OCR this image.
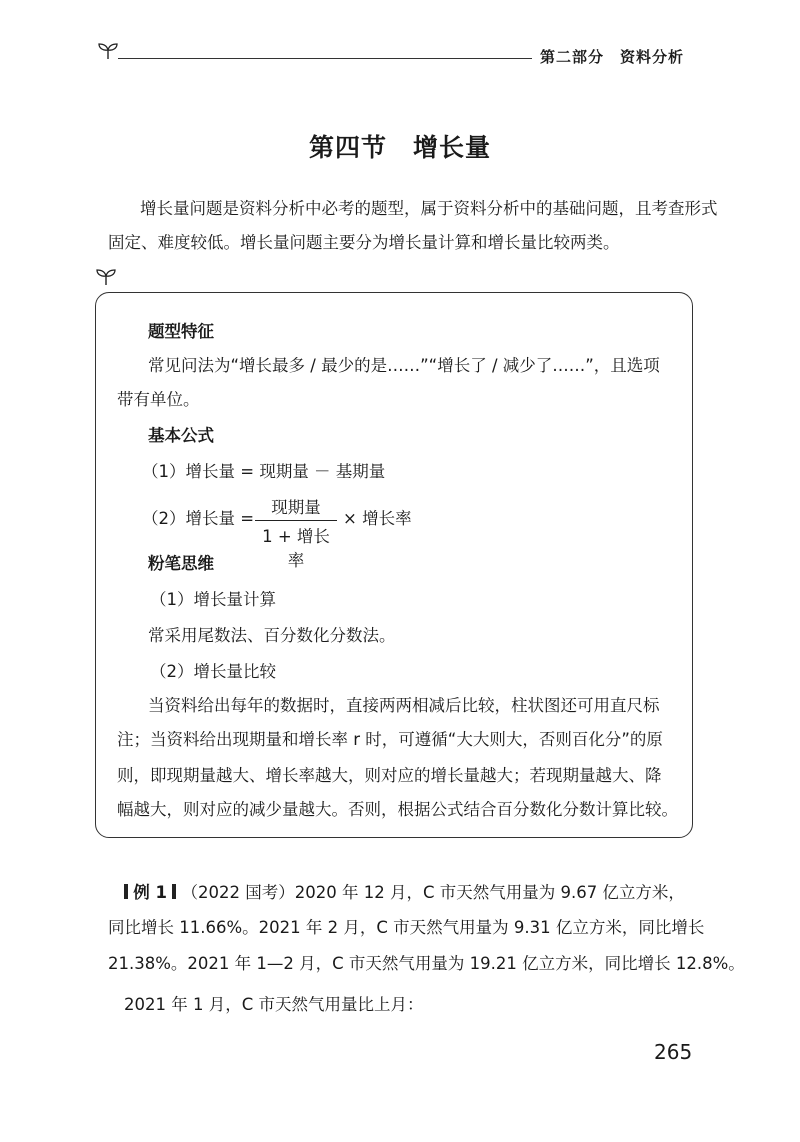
第二部分　资料分析
第四节　增长量
增长量问题是资料分析中必考的题型，属于资料分析中的基础问题，且考查形式
固定、难度较低。增长量问题主要分为增长量计算和增长量比较两类。
题型特征
常见问法为“增长最多 / 最少的是……”“增长了 / 减少了……”，且选项
带有单位。
基本公式
（1）增长量 = 现期量 － 基期量
（2）增长量 =
现期量
1 + 增长率
× 增长率
粉笔思维
（1）增长量计算
常采用尾数法、百分数化分数法。
（2）增长量比较
当资料给出每年的数据时，直接两两相减后比较，柱状图还可用直尺标
注；当资料给出现期量和增长率 r 时，可遵循“大大则大，否则百化分”的原
则，即现期量越大、增长率越大，则对应的增长量越大；若现期量越大、降
幅越大，则对应的减少量越大。否则，根据公式结合百分数化分数计算比较。
例 1 （2022 国考）2020 年 12 月，C 市天然气用量为 9.67 亿立方米，
同比增长 11.66%。2021 年 2 月，C 市天然气用量为 9.31 亿立方米，同比增长
21.38%。2021 年 1—2 月，C 市天然气用量为 19.21 亿立方米，同比增长 12.8%。
2021 年 1 月，C 市天然气用量比上月：
265
